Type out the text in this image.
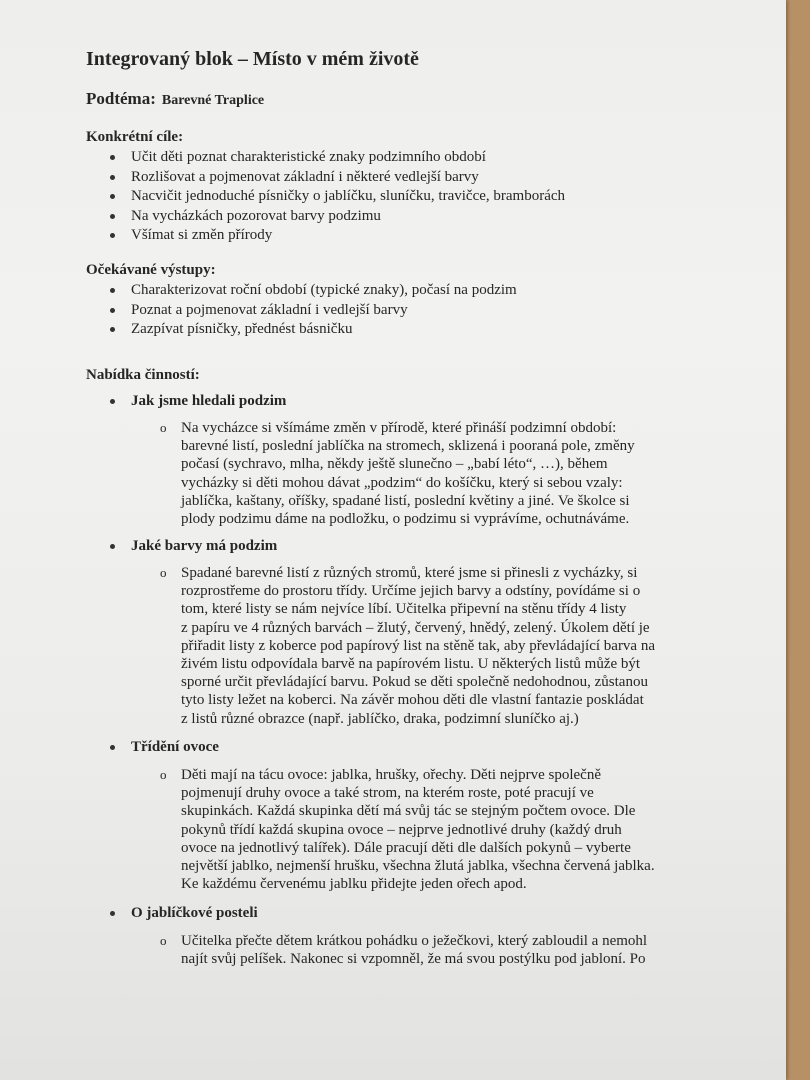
Integrovaný blok – Místo v mém životě
Podtéma: Barevné Traplice
Konkrétní cíle:
Učit děti poznat charakteristické znaky podzimního období
Rozlišovat a pojmenovat základní i některé vedlejší barvy
Nacvičit jednoduché písničky o jablíčku, sluníčku, travičce, bramborách
Na vycházkách pozorovat barvy podzimu
Všímat si změn přírody
Očekávané výstupy:
Charakterizovat roční období (typické znaky), počasí na podzim
Poznat a pojmenovat základní i vedlejší barvy
Zazpívat písničky, přednést básničku
Nabídka činností:
Jak jsme hledali podzim
o Na vycházce si všímáme změn v přírodě, které přináší podzimní období:
barevné listí, poslední jablíčka na stromech, sklizená i pooraná pole, změny
počasí (sychravo, mlha, někdy ještě slunečno – „babí léto“, …), během
vycházky si děti mohou dávat „podzim“ do košíčku, který si sebou vzaly:
jablíčka, kaštany, oříšky, spadané listí, poslední květiny a jiné. Ve školce si
plody podzimu dáme na podložku, o podzimu si vyprávíme, ochutnáváme.
Jaké barvy má podzim
o Spadané barevné listí z různých stromů, které jsme si přinesli z vycházky, si
rozprostřeme do prostoru třídy. Určíme jejich barvy a odstíny, povídáme si o
tom, které listy se nám nejvíce líbí. Učitelka připevní na stěnu třídy 4 listy
z papíru ve 4 různých barvách – žlutý, červený, hnědý, zelený. Úkolem dětí je
přiřadit listy z koberce pod papírový list na stěně tak, aby převládající barva na
živém listu odpovídala barvě na papírovém listu. U některých listů může být
sporné určit převládající barvu. Pokud se děti společně nedohodnou, zůstanou
tyto listy ležet na koberci. Na závěr mohou děti dle vlastní fantazie poskládat
z listů různé obrazce (např. jablíčko, draka, podzimní sluníčko aj.)
Třídění ovoce
o Děti mají na tácu ovoce: jablka, hrušky, ořechy. Děti nejprve společně
pojmenují druhy ovoce a také strom, na kterém roste, poté pracují ve
skupinkách. Každá skupinka dětí má svůj tác se stejným počtem ovoce. Dle
pokynů třídí každá skupina ovoce – nejprve jednotlivé druhy (každý druh
ovoce na jednotlivý talířek). Dále pracují děti dle dalších pokynů – vyberte
největší jablko, nejmenší hrušku, všechna žlutá jablka, všechna červená jablka.
Ke každému červenému jablku přidejte jeden ořech apod.
O jablíčkové posteli
o Učitelka přečte dětem krátkou pohádku o ježečkovi, který zabloudil a nemohl
najít svůj pelíšek. Nakonec si vzpomněl, že má svou postýlku pod jabloní. Po
